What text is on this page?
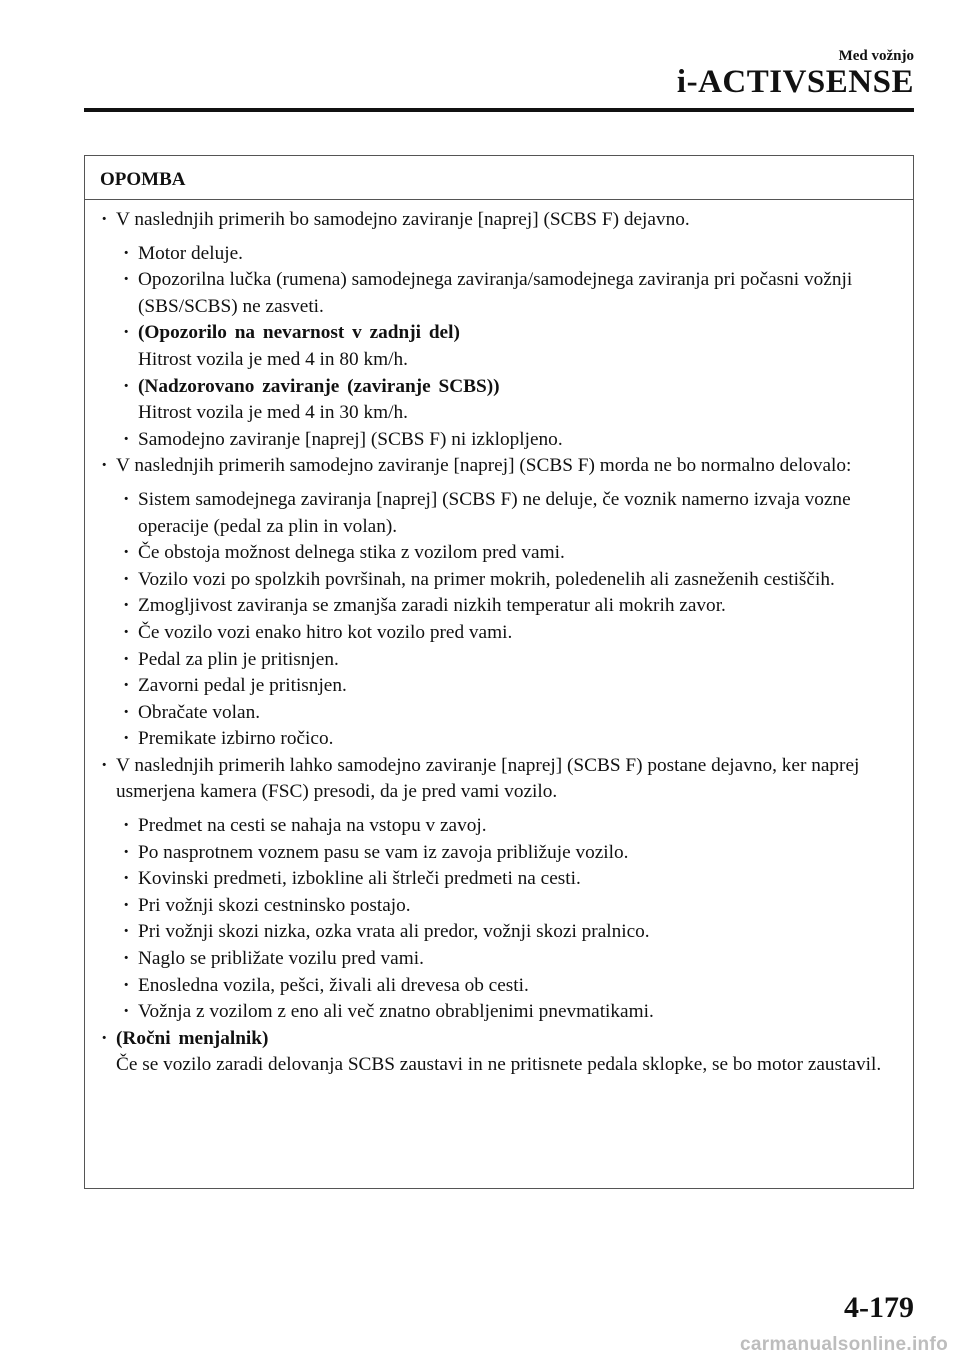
Med vožnjo
i-ACTIVSENSE
OPOMBA
· V naslednjih primerih bo samodejno zaviranje [naprej] (SCBS F) dejavno.
· Motor deluje.
· Opozorilna lučka (rumena) samodejnega zaviranja/samodejnega zaviranja pri počasni vožnji (SBS/SCBS) ne zasveti.
· (Opozorilo na nevarnost v zadnji del)
Hitrost vozila je med 4 in 80 km/h.
· (Nadzorovano zaviranje (zaviranje SCBS))
Hitrost vozila je med 4 in 30 km/h.
· Samodejno zaviranje [naprej] (SCBS F) ni izklopljeno.
· V naslednjih primerih samodejno zaviranje [naprej] (SCBS F) morda ne bo normalno delovalo:
· Sistem samodejnega zaviranja [naprej] (SCBS F) ne deluje, če voznik namerno izvaja vozne operacije (pedal za plin in volan).
· Če obstoja možnost delnega stika z vozilom pred vami.
· Vozilo vozi po spolzkih površinah, na primer mokrih, poledenelih ali zasneženih cestiščih.
· Zmogljivost zaviranja se zmanjša zaradi nizkih temperatur ali mokrih zavor.
· Če vozilo vozi enako hitro kot vozilo pred vami.
· Pedal za plin je pritisnjen.
· Zavorni pedal je pritisnjen.
· Obračate volan.
· Premikate izbirno ročico.
· V naslednjih primerih lahko samodejno zaviranje [naprej] (SCBS F) postane dejavno, ker naprej usmerjena kamera (FSC) presodi, da je pred vami vozilo.
· Predmet na cesti se nahaja na vstopu v zavoj.
· Po nasprotnem voznem pasu se vam iz zavoja približuje vozilo.
· Kovinski predmeti, izbokline ali štrleči predmeti na cesti.
· Pri vožnji skozi cestninsko postajo.
· Pri vožnji skozi nizka, ozka vrata ali predor, vožnji skozi pralnico.
· Naglo se približate vozilu pred vami.
· Enosledna vozila, pešci, živali ali drevesa ob cesti.
· Vožnja z vozilom z eno ali več znatno obrabljenimi pnevmatikami.
· (Ročni menjalnik)
Če se vozilo zaradi delovanja SCBS zaustavi in ne pritisnete pedala sklopke, se bo motor zaustavil.
4-179
carmanualsonline.info
